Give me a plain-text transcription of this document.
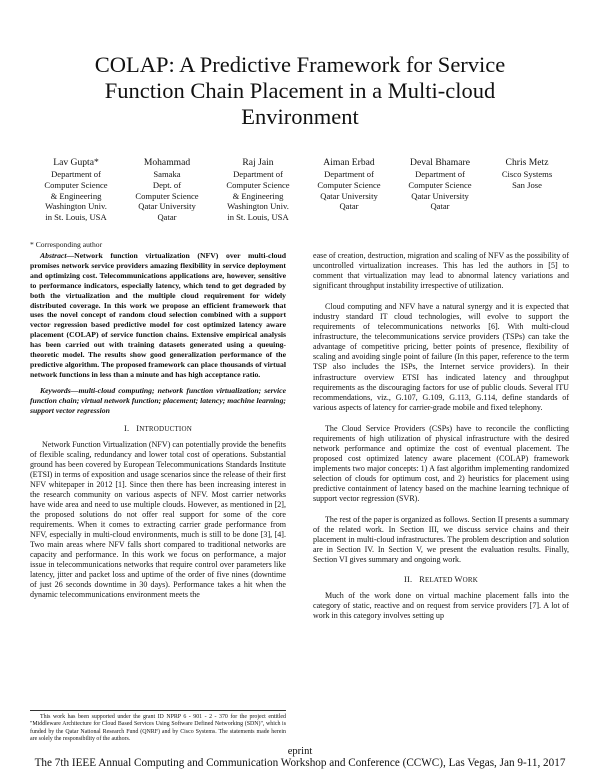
COLAP: A Predictive Framework for Service
Function Chain Placement in a Multi-cloud
Environment
Lav Gupta*
Department of
Computer Science
& Engineering
Washington Univ.
in St. Louis, USA
Mohammad
Samaka
Dept. of
Computer Science
Qatar University
Qatar
Raj Jain
Department of
Computer Science
& Engineering
Washington Univ.
in St. Louis, USA
Aiman Erbad
Department of
Computer Science
Qatar University
Qatar
Deval Bhamare
Department of
Computer Science
Qatar University
Qatar
Chris Metz
Cisco Systems
San Jose
* Corresponding author
Abstract—Network function virtualization (NFV) over multi-cloud promises network service providers amazing flexibility in service deployment and optimizing cost. Telecommunications applications are, however, sensitive to performance indicators, especially latency, which tend to get degraded by both the virtualization and the multiple cloud requirement for widely distributed coverage. In this work we propose an efficient framework that uses the novel concept of random cloud selection combined with a support vector regression based predictive model for cost optimized latency aware placement (COLAP) of service function chains. Extensive empirical analysis has been carried out with training datasets generated using a queuing-theoretic model. The results show good generalization performance of the predictive algorithm. The proposed framework can place thousands of virtual network functions in less than a minute and has high acceptance ratio.
Keywords—multi-cloud computing; network function virtualization; service function chain; virtual network function; placement; latency; machine learning; support vector regression
I. INTRODUCTION

Network Function Virtualization (NFV) can potentially provide the benefits of flexible scaling, redundancy and lower total cost of operations. Substantial ground has been covered by European Telecommunications Standards Institute (ETSI) in terms of exposition and usage scenarios since the release of their first NFV whitepaper in 2012 [1]. Since then there has been increasing interest in the research community on various aspects of NFV. Most carrier networks have wide area and need to use multiple clouds. However, as mentioned in [2], the proposed solutions do not offer real support for some of the core requirements. When it comes to extracting carrier grade performance from NFV, especially in multi-cloud environments, much is still to be done [3], [4]. Two main areas where NFV falls short compared to traditional networks are capacity and performance. In this work we focus on performance, a major issue in telecommunications networks that require control over parameters like latency, jitter and packet loss and uptime of the order of five nines (downtime of just 26 seconds downtime in 30 days). Performance takes a hit when the dynamic telecommunications environment meets the

ease of creation, destruction, migration and scaling of NFV as the possibility of uncontrolled virtualization increases. This has led the authors in [5] to comment that virtualization may lead to abnormal latency variations and significant throughput instability irrespective of utilization.

Cloud computing and NFV have a natural synergy and it is expected that industry standard IT cloud technologies, will evolve to support the requirements of telecommunications networks [6]. With multi-cloud infrastructure, the telecommunications service providers (TSPs) can take the advantage of competitive pricing, better points of presence, flexibility of scaling and avoiding single point of failure (In this paper, reference to the term TSP also includes the ISPs, the Internet service providers). In their infrastructure overview ETSI has indicated latency and throughput requirements as the discouraging factors for use of public clouds. Several ITU recommendations, viz., G.107, G.109, G.113, G.114, define standards of various aspects of latency for carrier-grade mobile and fixed telephony.

The Cloud Service Providers (CSPs) have to reconcile the conflicting requirements of high utilization of physical infrastructure with the desired network performance and optimize the cost of eventual placement. The proposed cost optimized latency aware placement (COLAP) framework implements two major concepts: 1) A fast algorithm implementing randomized selection of clouds for optimum cost, and 2) heuristics for placement using predictive containment of latency based on the machine learning technique of support vector regression (SVR).

The rest of the paper is organized as follows. Section II presents a summary of the related work. In Section III, we discuss service chains and their placement in multi-cloud infrastructures. The problem description and solution are in Section IV. In Section V, we present the evaluation results. Finally, Section VI gives summary and ongoing work.

II. RELATED WORK

Much of the work done on virtual machine placement falls into the category of static, reactive and on request from service providers [7]. A lot of work in this category involves setting up

This work has been supported under the grant ID NPRP 6 - 901 - 2 - 370 for the project entitled "Middleware Architecture for Cloud Based Services Using Software Defined Networking (SDN)", which is funded by the Qatar National Research Fund (QNRF) and by Cisco Systems. The statements made herein are solely the responsibility of the authors.
eprint
The 7th IEEE Annual Computing and Communication Workshop and Conference (CCWC), Las Vegas, Jan 9-11, 2017
